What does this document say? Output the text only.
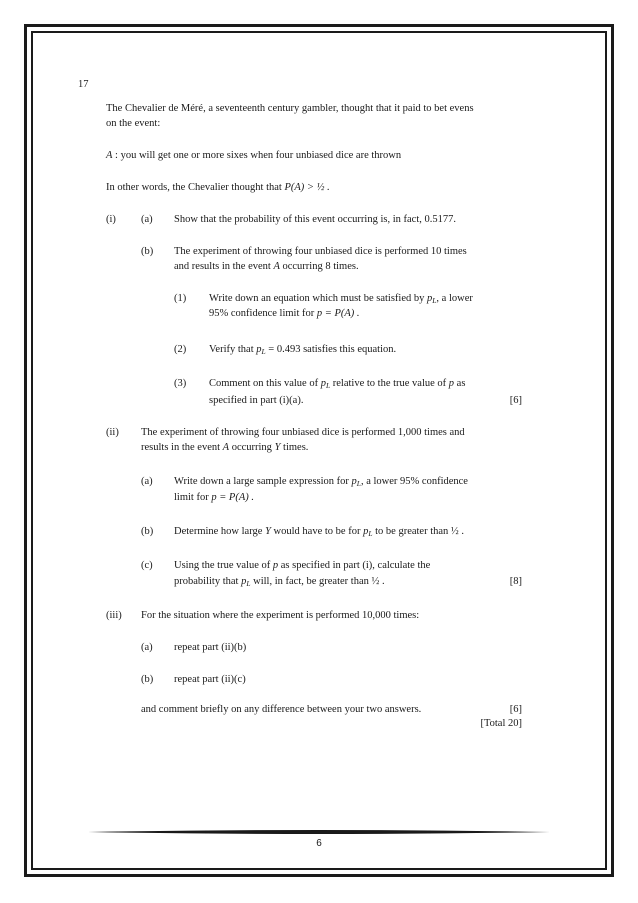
17
The Chevalier de Méré, a seventeenth century gambler, thought that it paid to bet evens
on the event:
A : you will get one or more sixes when four unbiased dice are thrown
In other words, the Chevalier thought that P(A) > ½ .
(i) (a) Show that the probability of this event occurring is, in fact, 0.5177.
(b) The experiment of throwing four unbiased dice is performed 10 times
and results in the event A occurring 8 times.
(1) Write down an equation which must be satisfied by $p_L$, a lower
95% confidence limit for p = P(A) .
(2) Verify that $p_L = 0.493$ satisfies this equation.
(3) Comment on this value of $p_L$ relative to the true value of p as
specified in part (i)(a).	[6]
(ii) The experiment of throwing four unbiased dice is performed 1,000 times and
results in the event A occurring Y times.
(a) Write down a large sample expression for $p_L$, a lower 95% confidence
limit for p = P(A) .
(b) Determine how large Y would have to be for $p_L$ to be greater than ½ .
(c) Using the true value of p as specified in part (i), calculate the
probability that $p_L$ will, in fact, be greater than ½ .	[8]
(iii) For the situation where the experiment is performed 10,000 times:
(a) repeat part (ii)(b)
(b) repeat part (ii)(c)
and comment briefly on any difference between your two answers.	[6]
[Total 20]
6
